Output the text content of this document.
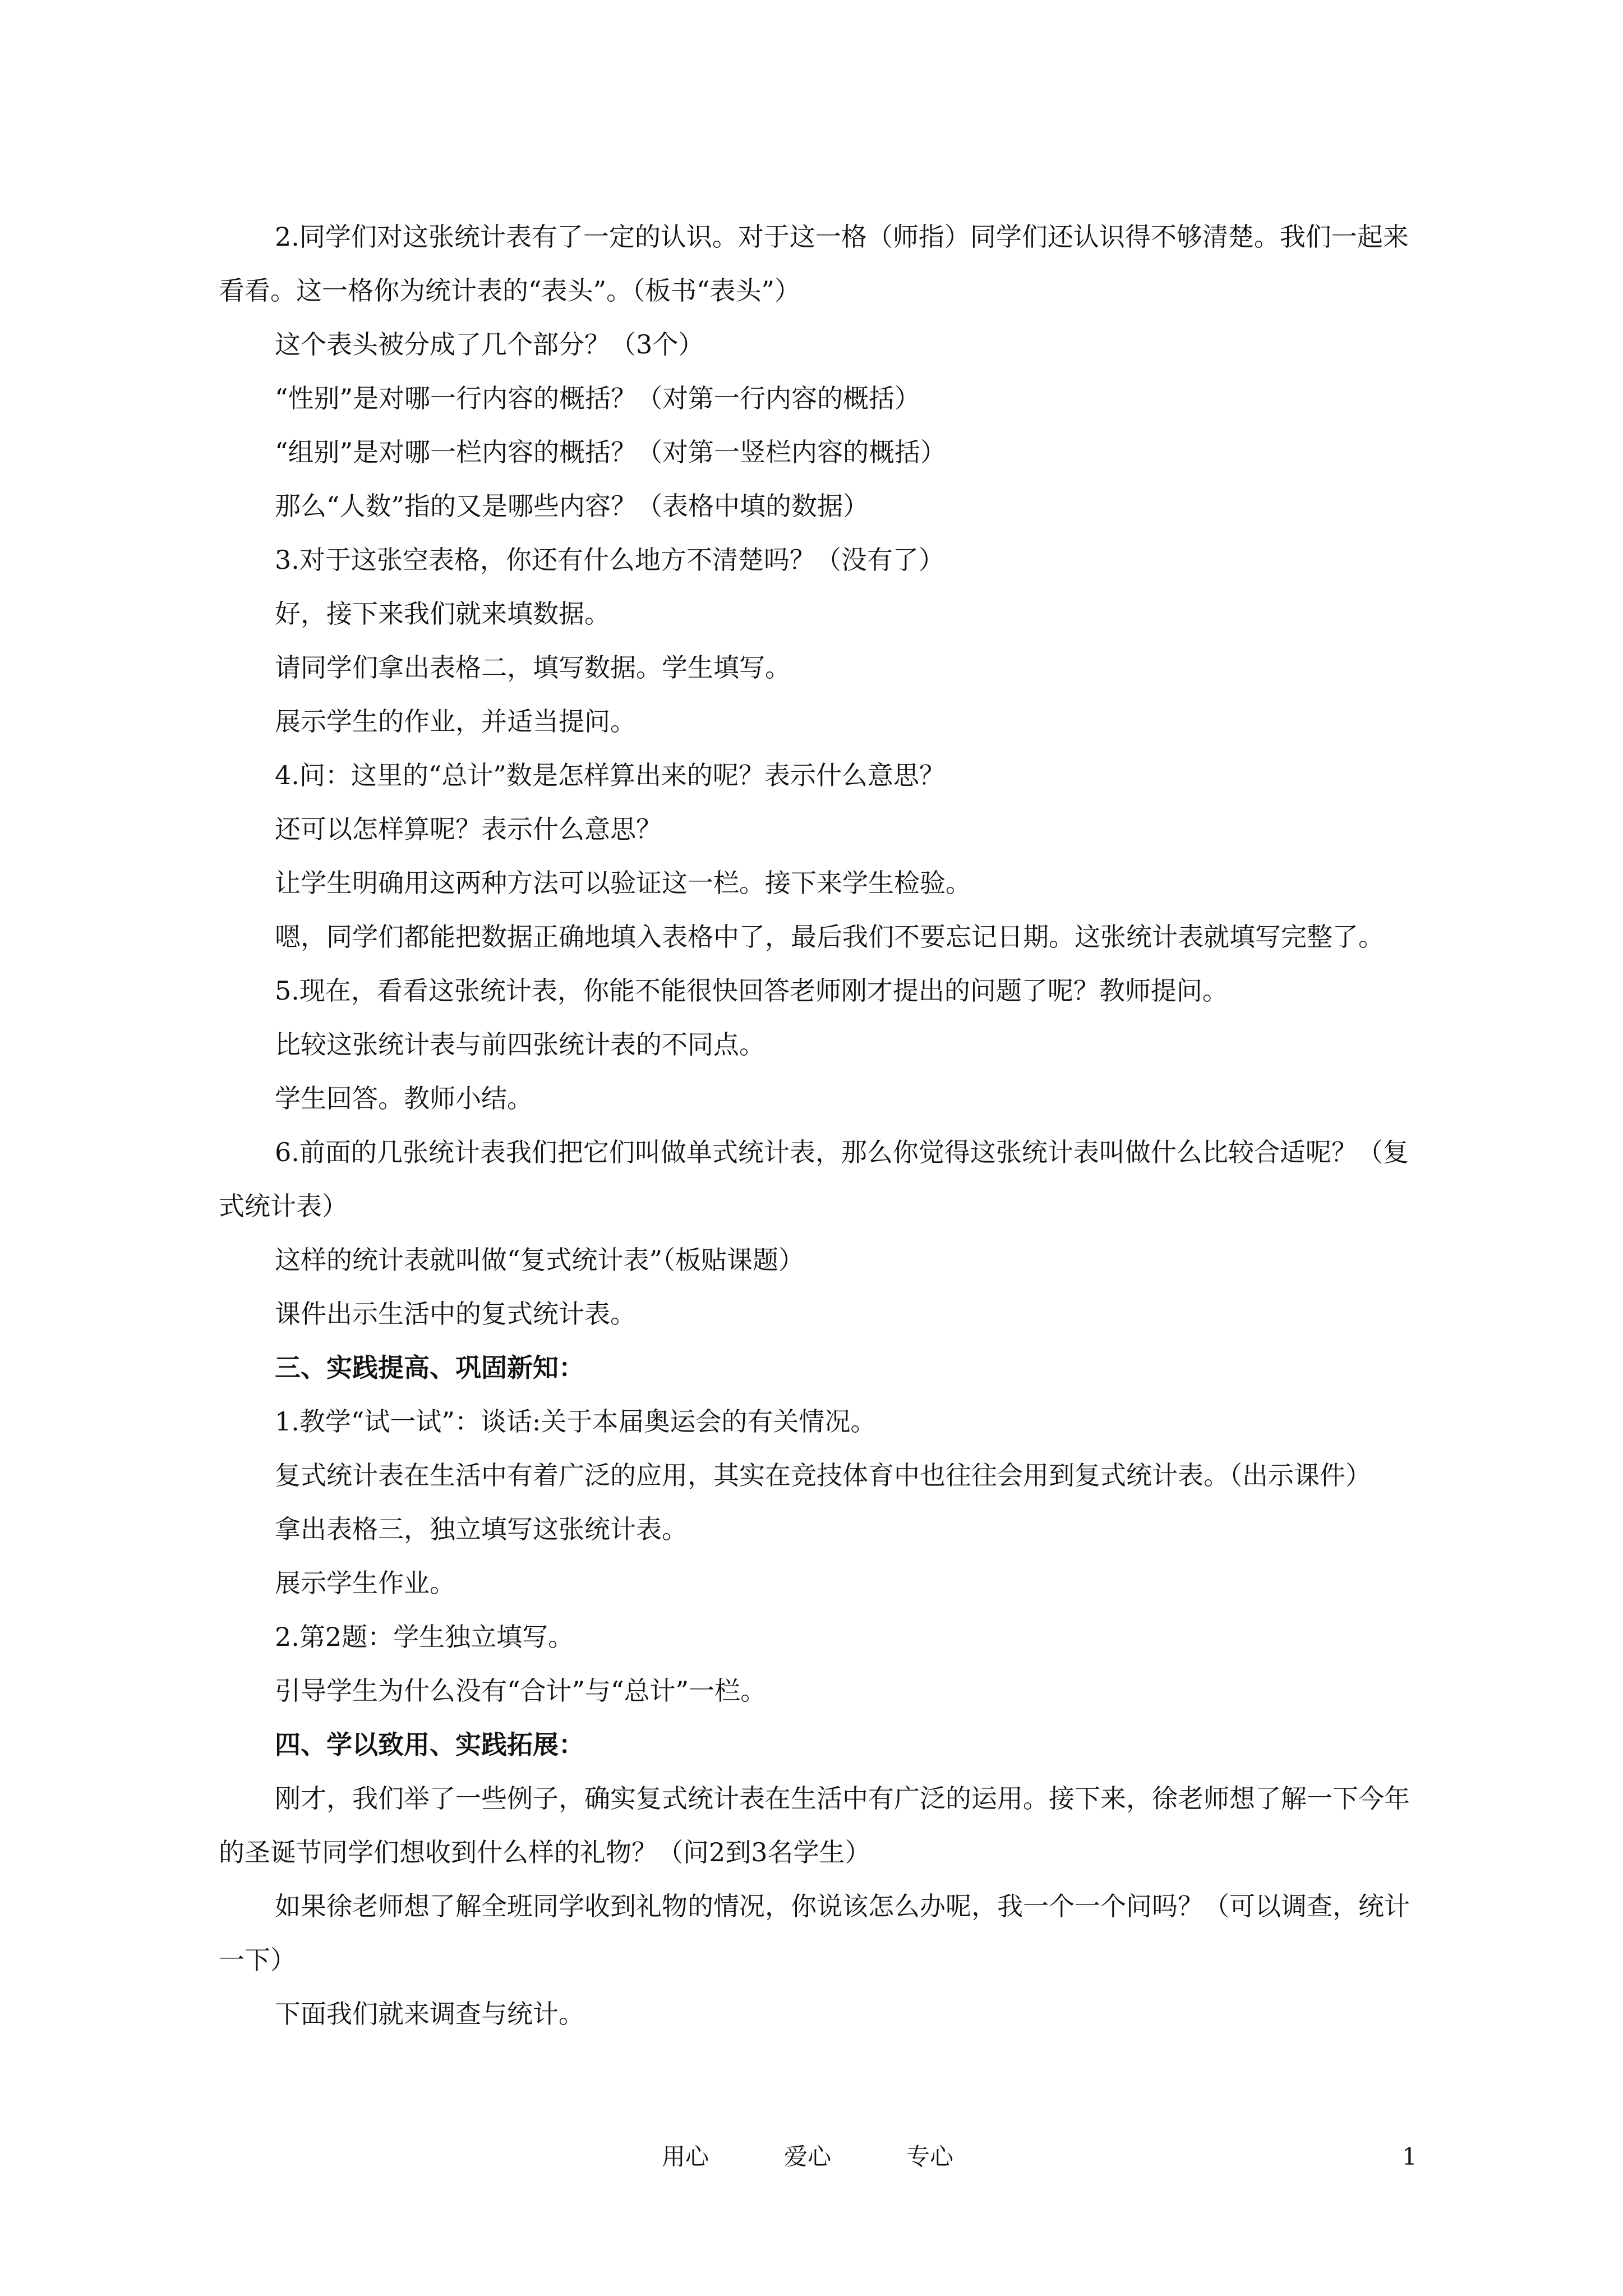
2.同学们对这张统计表有了一定的认识。对于这一格（师指）同学们还认识得不够清楚。我们一起来看看。这一格你为统计表的“表头”。（板书“表头”）

这个表头被分成了几个部分？（3个）

“性别”是对哪一行内容的概括？（对第一行内容的概括）

“组别”是对哪一栏内容的概括？（对第一竖栏内容的概括）

那么“人数”指的又是哪些内容？（表格中填的数据）

3.对于这张空表格，你还有什么地方不清楚吗？（没有了）

好，接下来我们就来填数据。

请同学们拿出表格二，填写数据。学生填写。

展示学生的作业，并适当提问。

4.问：这里的“总计”数是怎样算出来的呢？表示什么意思？

还可以怎样算呢？表示什么意思？

让学生明确用这两种方法可以验证这一栏。接下来学生检验。

嗯，同学们都能把数据正确地填入表格中了，最后我们不要忘记日期。这张统计表就填写完整了。

5.现在，看看这张统计表，你能不能很快回答老师刚才提出的问题了呢？教师提问。

比较这张统计表与前四张统计表的不同点。

学生回答。教师小结。

6.前面的几张统计表我们把它们叫做单式统计表，那么你觉得这张统计表叫做什么比较合适呢？（复式统计表）

这样的统计表就叫做“复式统计表”（板贴课题）

课件出示生活中的复式统计表。

三、实践提高、巩固新知：

1.教学“试一试”：谈话:关于本届奥运会的有关情况。

复式统计表在生活中有着广泛的应用，其实在竞技体育中也往往会用到复式统计表。（出示课件）

拿出表格三，独立填写这张统计表。

展示学生作业。

2.第2题：学生独立填写。

引导学生为什么没有“合计”与“总计”一栏。

四、学以致用、实践拓展：

刚才，我们举了一些例子，确实复式统计表在生活中有广泛的运用。接下来，徐老师想了解一下今年的圣诞节同学们想收到什么样的礼物？（问2到3名学生）

如果徐老师想了解全班同学收到礼物的情况，你说该怎么办呢，我一个一个问吗？（可以调查，统计一下）

下面我们就来调查与统计。

用心	爱心	专心	1
